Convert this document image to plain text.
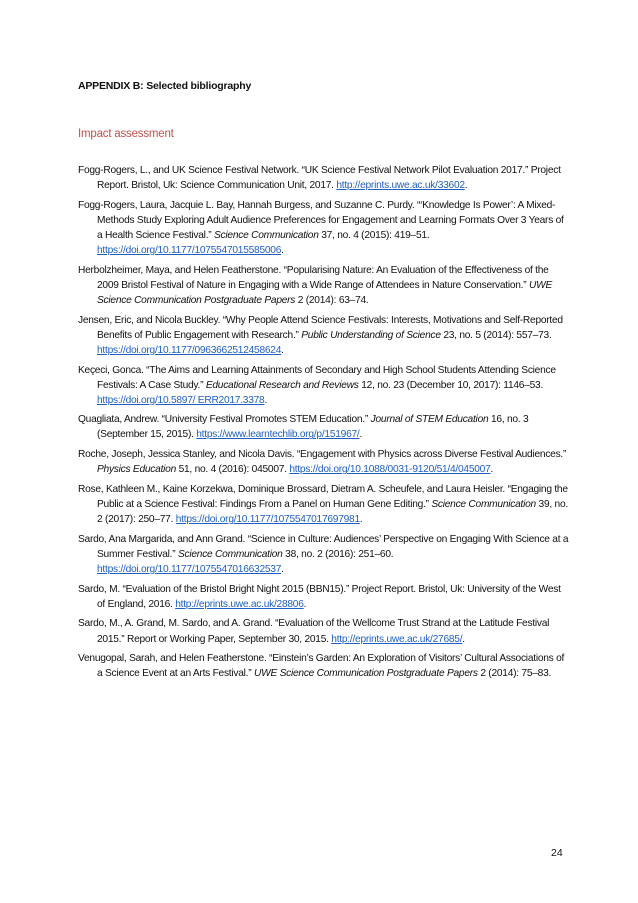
APPENDIX B: Selected bibliography
Impact assessment
Fogg-Rogers, L., and UK Science Festival Network. “UK Science Festival Network Pilot Evaluation 2017.” Project Report. Bristol, Uk: Science Communication Unit, 2017. http://eprints.uwe.ac.uk/33602.
Fogg-Rogers, Laura, Jacquie L. Bay, Hannah Burgess, and Suzanne C. Purdy. “‘Knowledge Is Power’: A Mixed-Methods Study Exploring Adult Audience Preferences for Engagement and Learning Formats Over 3 Years of a Health Science Festival.” Science Communication 37, no. 4 (2015): 419–51. https://doi.org/10.1177/1075547015585006.
Herbolzheimer, Maya, and Helen Featherstone. “Popularising Nature: An Evaluation of the Effectiveness of the 2009 Bristol Festival of Nature in Engaging with a Wide Range of Attendees in Nature Conservation.” UWE Science Communication Postgraduate Papers 2 (2014): 63–74.
Jensen, Eric, and Nicola Buckley. “Why People Attend Science Festivals: Interests, Motivations and Self-Reported Benefits of Public Engagement with Research.” Public Understanding of Science 23, no. 5 (2014): 557–73. https://doi.org/10.1177/0963662512458624.
Keçeci, Gonca. “The Aims and Learning Attainments of Secondary and High School Students Attending Science Festivals: A Case Study.” Educational Research and Reviews 12, no. 23 (December 10, 2017): 1146–53. https://doi.org/10.5897/ ERR2017.3378.
Quagliata, Andrew. “University Festival Promotes STEM Education.” Journal of STEM Education 16, no. 3 (September 15, 2015). https://www.learntechlib.org/p/151967/.
Roche, Joseph, Jessica Stanley, and Nicola Davis. “Engagement with Physics across Diverse Festival Audiences.” Physics Education 51, no. 4 (2016): 045007. https://doi.org/10.1088/0031-9120/51/4/045007.
Rose, Kathleen M., Kaine Korzekwa, Dominique Brossard, Dietram A. Scheufele, and Laura Heisler. “Engaging the Public at a Science Festival: Findings From a Panel on Human Gene Editing.” Science Communication 39, no. 2 (2017): 250–77. https://doi.org/10.1177/1075547017697981.
Sardo, Ana Margarida, and Ann Grand. “Science in Culture: Audiences’ Perspective on Engaging With Science at a Summer Festival.” Science Communication 38, no. 2 (2016): 251–60. https://doi.org/10.1177/1075547016632537.
Sardo, M. “Evaluation of the Bristol Bright Night 2015 (BBN15).” Project Report. Bristol, Uk: University of the West of England, 2016. http://eprints.uwe.ac.uk/28806.
Sardo, M., A. Grand, M. Sardo, and A. Grand. “Evaluation of the Wellcome Trust Strand at the Latitude Festival 2015.” Report or Working Paper, September 30, 2015. http://eprints.uwe.ac.uk/27685/.
Venugopal, Sarah, and Helen Featherstone. “Einstein’s Garden: An Exploration of Visitors’ Cultural Associations of a Science Event at an Arts Festival.” UWE Science Communication Postgraduate Papers 2 (2014): 75–83.
24
